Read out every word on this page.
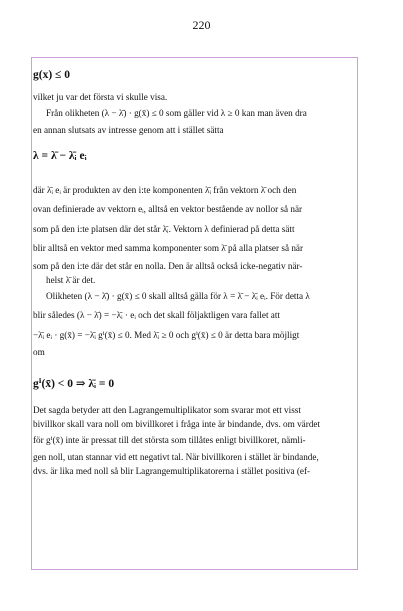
220
g(x) ≤ 0
vilket ju var det första vi skulle visa.
Från olikheten (λ − λ̄) · g(x̄) ≤ 0 som gäller vid λ ≥ 0 kan man även dra
en annan slutsats av intresse genom att i stället sätta
λ = λ̄ − λ̄ᵢ eᵢ
där λ̄ᵢ eᵢ är produkten av den i:te komponenten λ̄ᵢ från vektorn λ̄ och den
ovan definierade av vektorn eᵢ, alltså en vektor bestående av nollor så när
som på den i:te platsen där det står λ̄ᵢ. Vektorn λ definierad på detta sätt
blir alltså en vektor med samma komponenter som λ̄ på alla platser så när
som på den i:te där det står en nolla. Den är alltså också icke-negativ när-
helst λ̄ är det.
Olikheten (λ − λ̄) · g(x̄) ≤ 0 skall alltså gälla för λ = λ̄ − λ̄ᵢ eᵢ. För detta λ
blir således (λ − λ̄) = −λ̄ᵢ · eᵢ och det skall följaktligen vara fallet att
−λ̄ᵢ eᵢ · g(x̄) = −λ̄ᵢ gⁱ(x̄) ≤ 0. Med λ̄ᵢ ≥ 0 och gⁱ(x̄) ≤ 0 är detta bara möjligt
om
gⁱ(x̄) < 0 ⇒ λ̄ᵢ = 0
Det sagda betyder att den Lagrangemultiplikator som svarar mot ett visst
bivillkor skall vara noll om bivillkoret i fråga inte är bindande, dvs. om värdet
för gⁱ(x̄) inte är pressat till det största som tillåtes enligt bivillkoret, nämli-
gen noll, utan stannar vid ett negativt tal. När bivillkoren i stället är bindande,
dvs. är lika med noll så blir Lagrangemultiplikatorerna i stället positiva (ef-
